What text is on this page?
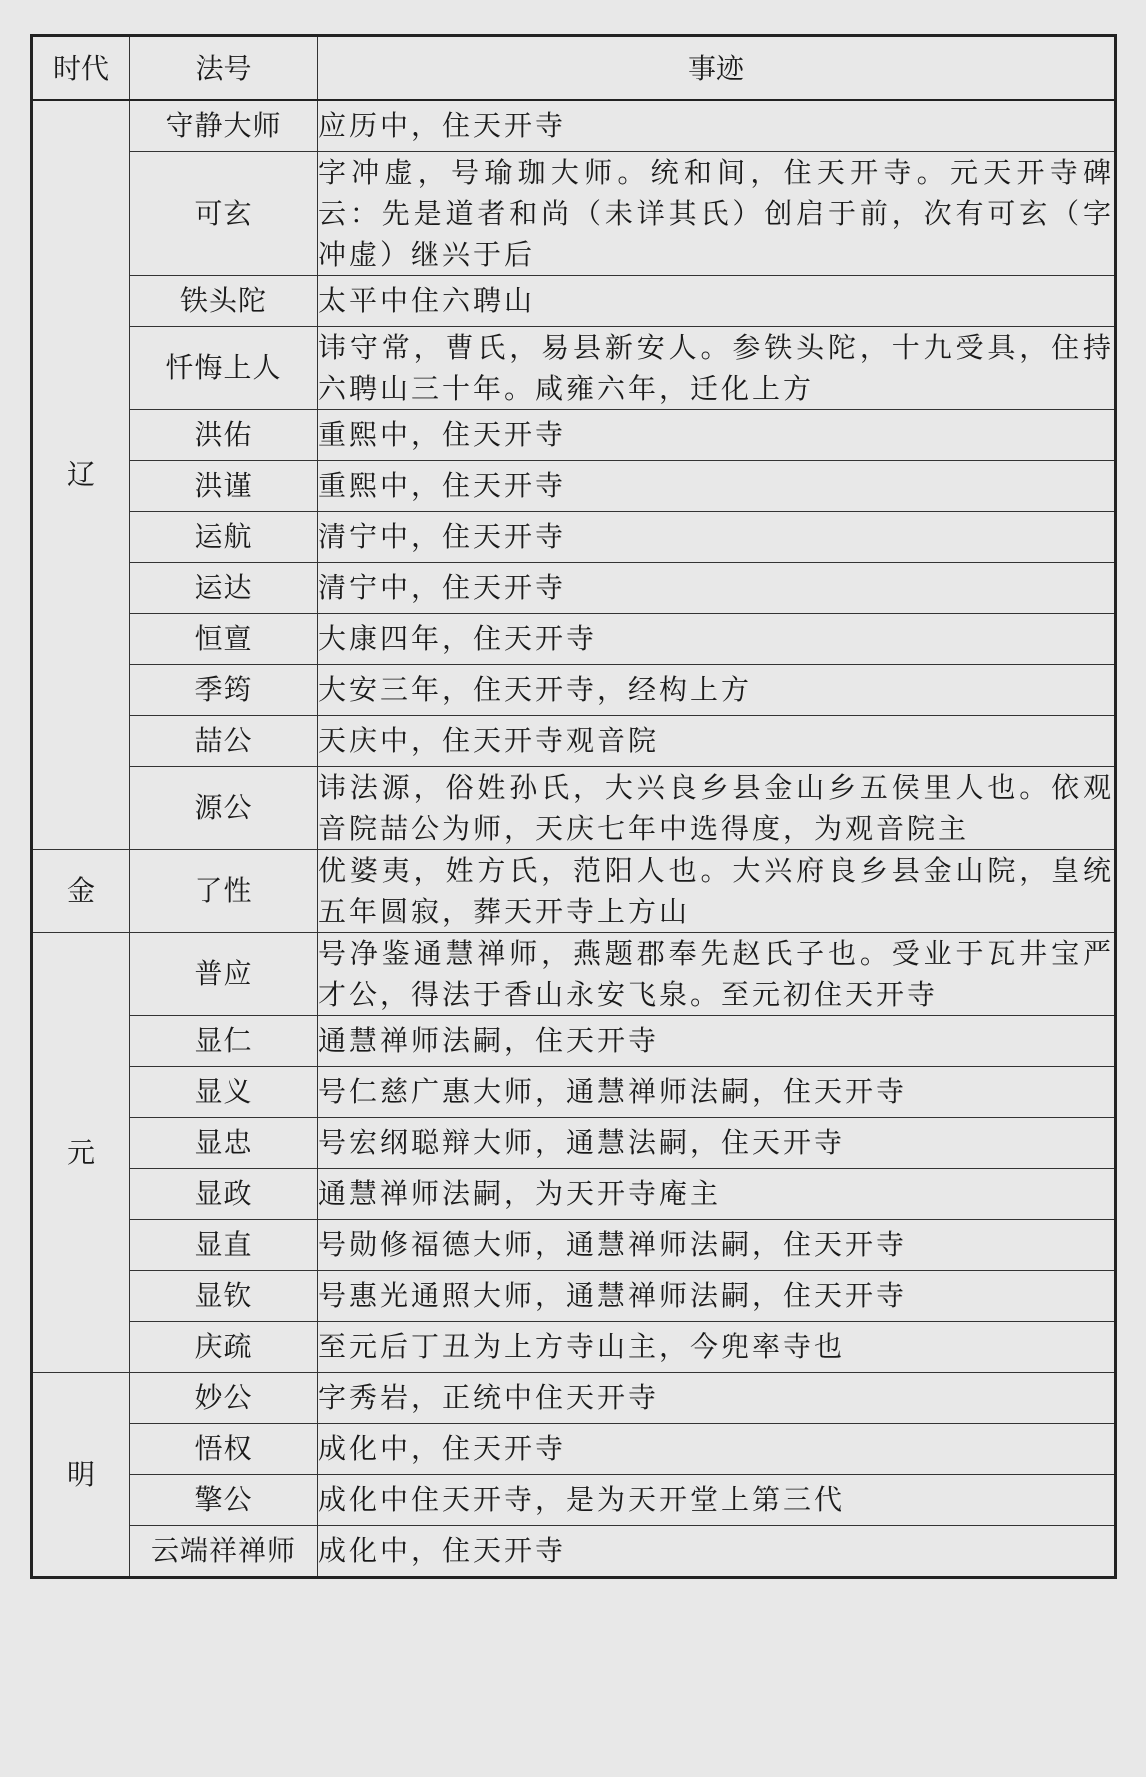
时代	法号	事迹
辽	守静大师	应历中，住天开寺
	可玄	字冲虚，号瑜珈大师。统和间，住天开寺。元天开寺碑云：先是道者和尚（未详其氏）创启于前，次有可玄（字冲虚）继兴于后
	铁头陀	太平中住六聘山
	忏悔上人	讳守常，曹氏，易县新安人。参铁头陀，十九受具，住持六聘山三十年。咸雍六年，迁化上方
	洪佑	重熙中，住天开寺
	洪谨	重熙中，住天开寺
	运航	清宁中，住天开寺
	运达	清宁中，住天开寺
	恒亶	大康四年，住天开寺
	季筠	大安三年，住天开寺，经构上方
	喆公	天庆中，住天开寺观音院
	源公	讳法源，俗姓孙氏，大兴良乡县金山乡五侯里人也。依观音院喆公为师，天庆七年中选得度，为观音院主
金	了性	优婆夷，姓方氏，范阳人也。大兴府良乡县金山院，皇统五年圆寂，葬天开寺上方山
元	普应	号净鉴通慧禅师，燕题郡奉先赵氏子也。受业于瓦井宝严才公，得法于香山永安飞泉。至元初住天开寺
	显仁	通慧禅师法嗣，住天开寺
	显义	号仁慈广惠大师，通慧禅师法嗣，住天开寺
	显忠	号宏纲聪辩大师，通慧法嗣，住天开寺
	显政	通慧禅师法嗣，为天开寺庵主
	显直	号勋修福德大师，通慧禅师法嗣，住天开寺
	显钦	号惠光通照大师，通慧禅师法嗣，住天开寺
	庆疏	至元后丁丑为上方寺山主，今兜率寺也
明	妙公	字秀岩，正统中住天开寺
	悟权	成化中，住天开寺
	擎公	成化中住天开寺，是为天开堂上第三代
	云端祥禅师	成化中，住天开寺
